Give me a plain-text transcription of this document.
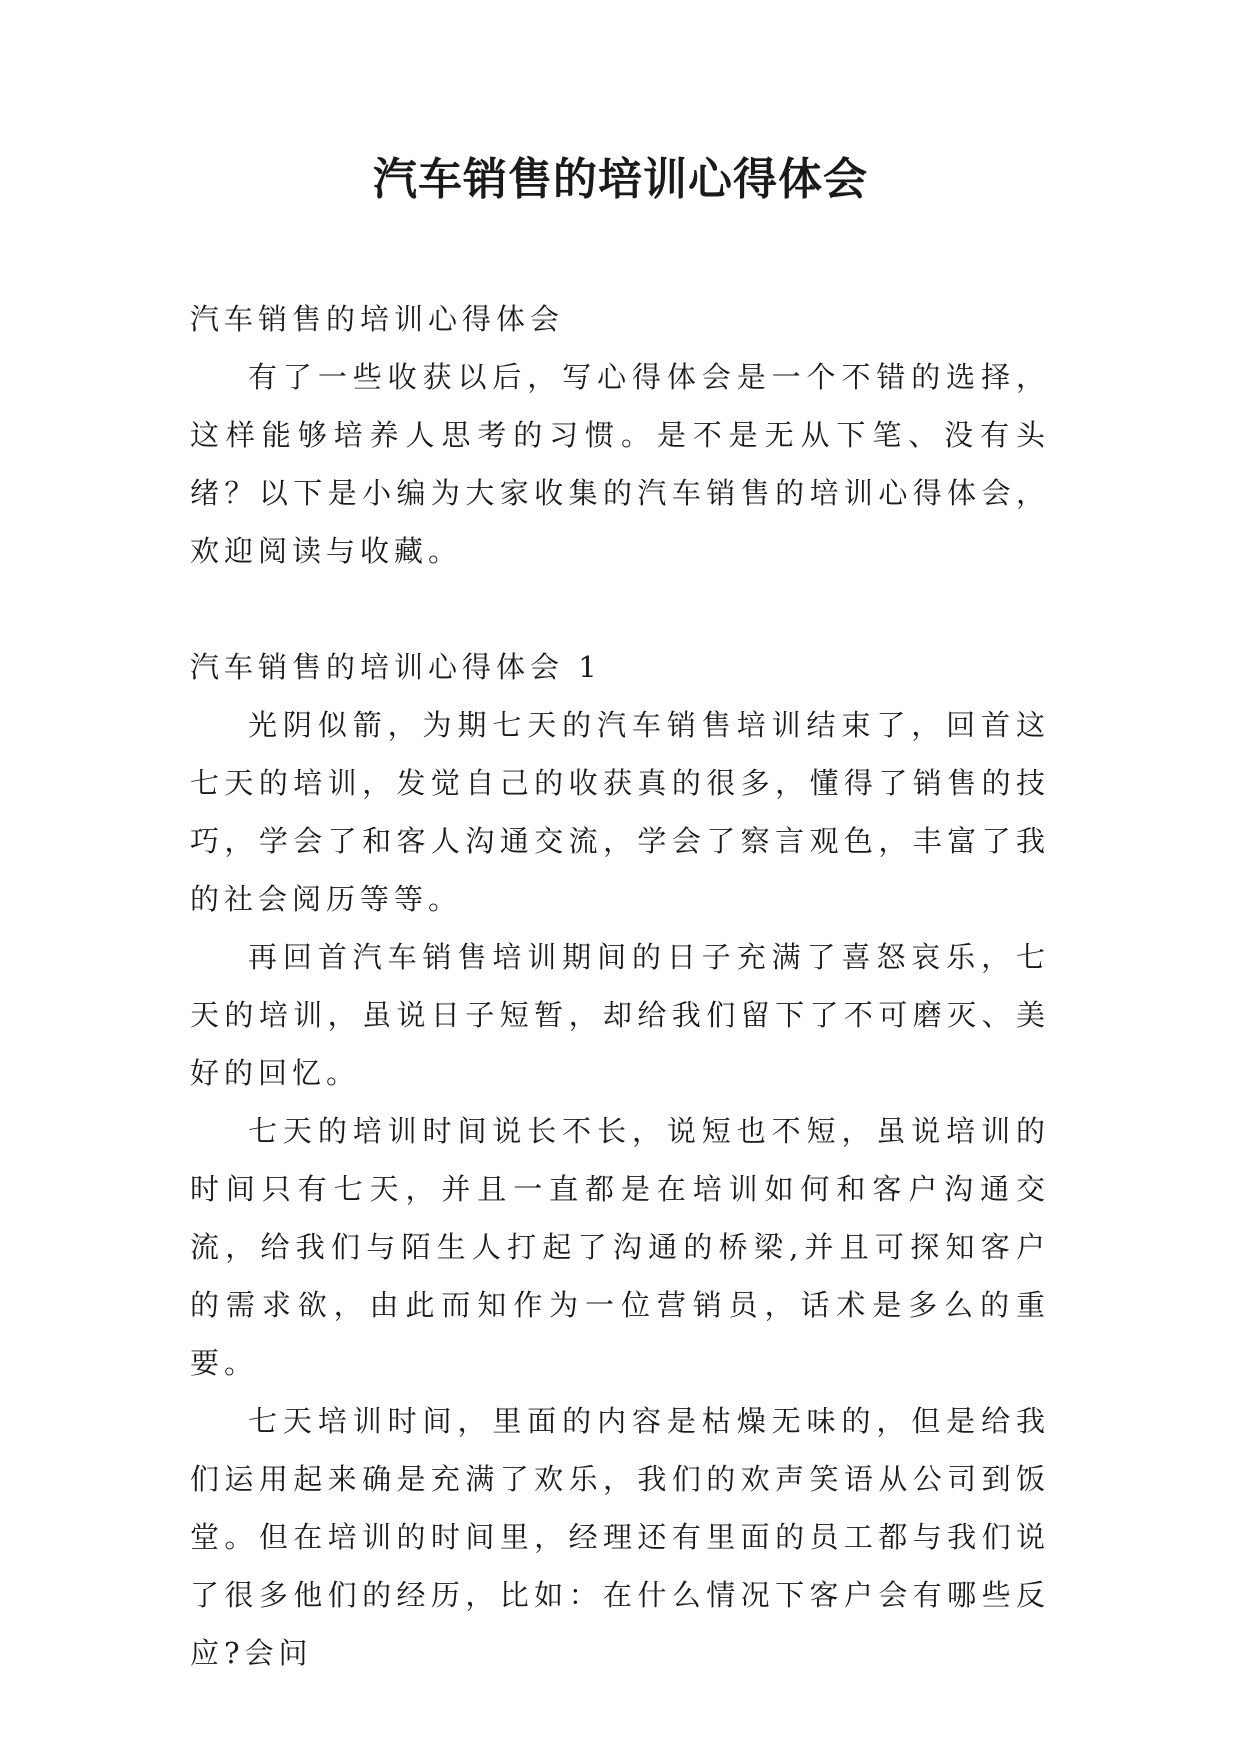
汽车销售的培训心得体会

汽车销售的培训心得体会

有了一些收获以后，写心得体会是一个不错的选择，这样能够培养人思考的习惯。是不是无从下笔、没有头绪？以下是小编为大家收集的汽车销售的培训心得体会，欢迎阅读与收藏。

汽车销售的培训心得体会 1

光阴似箭，为期七天的汽车销售培训结束了，回首这七天的培训，发觉自己的收获真的很多，懂得了销售的技巧，学会了和客人沟通交流，学会了察言观色，丰富了我的社会阅历等等。

再回首汽车销售培训期间的日子充满了喜怒哀乐，七天的培训，虽说日子短暂，却给我们留下了不可磨灭、美好的回忆。

七天的培训时间说长不长，说短也不短，虽说培训的时间只有七天，并且一直都是在培训如何和客户沟通交流，给我们与陌生人打起了沟通的桥梁,并且可探知客户的需求欲，由此而知作为一位营销员，话术是多么的重要。

七天培训时间，里面的内容是枯燥无味的，但是给我们运用起来确是充满了欢乐，我们的欢声笑语从公司到饭堂。但在培训的时间里，经理还有里面的员工都与我们说了很多他们的经历，比如：在什么情况下客户会有哪些反应?会问
